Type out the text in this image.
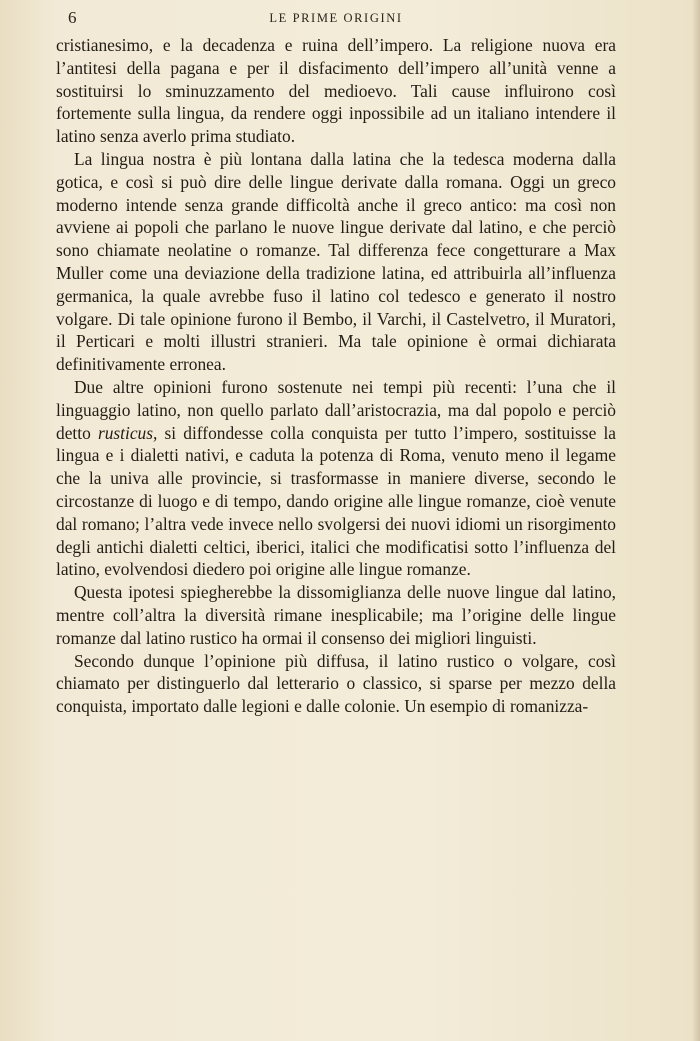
6	LE PRIME ORIGINI

cristianesimo, e la decadenza e ruina dell’impero. La religione nuova era l’antitesi della pagana e per il disfacimento dell’impero all’unità venne a sostituirsi lo sminuzzamento del medioevo. Tali cause influirono così fortemente sulla lingua, da rendere oggi inpossibile ad un italiano intendere il latino senza averlo prima studiato.

La lingua nostra è più lontana dalla latina che la tedesca moderna dalla gotica, e così si può dire delle lingue derivate dalla romana. Oggi un greco moderno intende senza grande difficoltà anche il greco antico: ma così non avviene ai popoli che parlano le nuove lingue derivate dal latino, e che perciò sono chiamate neolatine o romanze. Tal differenza fece congetturare a Max Muller come una deviazione della tradizione latina, ed attribuirla all’influenza germanica, la quale avrebbe fuso il latino col tedesco e generato il nostro volgare. Di tale opinione furono il Bembo, il Varchi, il Castelvetro, il Muratori, il Perticari e molti illustri stranieri. Ma tale opinione è ormai dichiarata definitivamente erronea.

Due altre opinioni furono sostenute nei tempi più recenti: l’una che il linguaggio latino, non quello parlato dall’aristocrazia, ma dal popolo e perciò detto rusticus, si diffondesse colla conquista per tutto l’impero, sostituisse la lingua e i dialetti nativi, e caduta la potenza di Roma, venuto meno il legame che la univa alle provincie, si trasformasse in maniere diverse, secondo le circostanze di luogo e di tempo, dando origine alle lingue romanze, cioè venute dal romano; l’altra vede invece nello svolgersi dei nuovi idiomi un risorgimento degli antichi dialetti celtici, iberici, italici che modificatisi sotto l’influenza del latino, evolvendosi diedero poi origine alle lingue romanze.

Questa ipotesi spiegherebbe la dissomiglianza delle nuove lingue dal latino, mentre coll’altra la diversità rimane inesplicabile; ma l’origine delle lingue romanze dal latino rustico ha ormai il consenso dei migliori linguisti.

Secondo dunque l’opinione più diffusa, il latino rustico o volgare, così chiamato per distinguerlo dal letterario o classico, si sparse per mezzo della conquista, importato dalle legioni e dalle colonie. Un esempio di romanizza-
